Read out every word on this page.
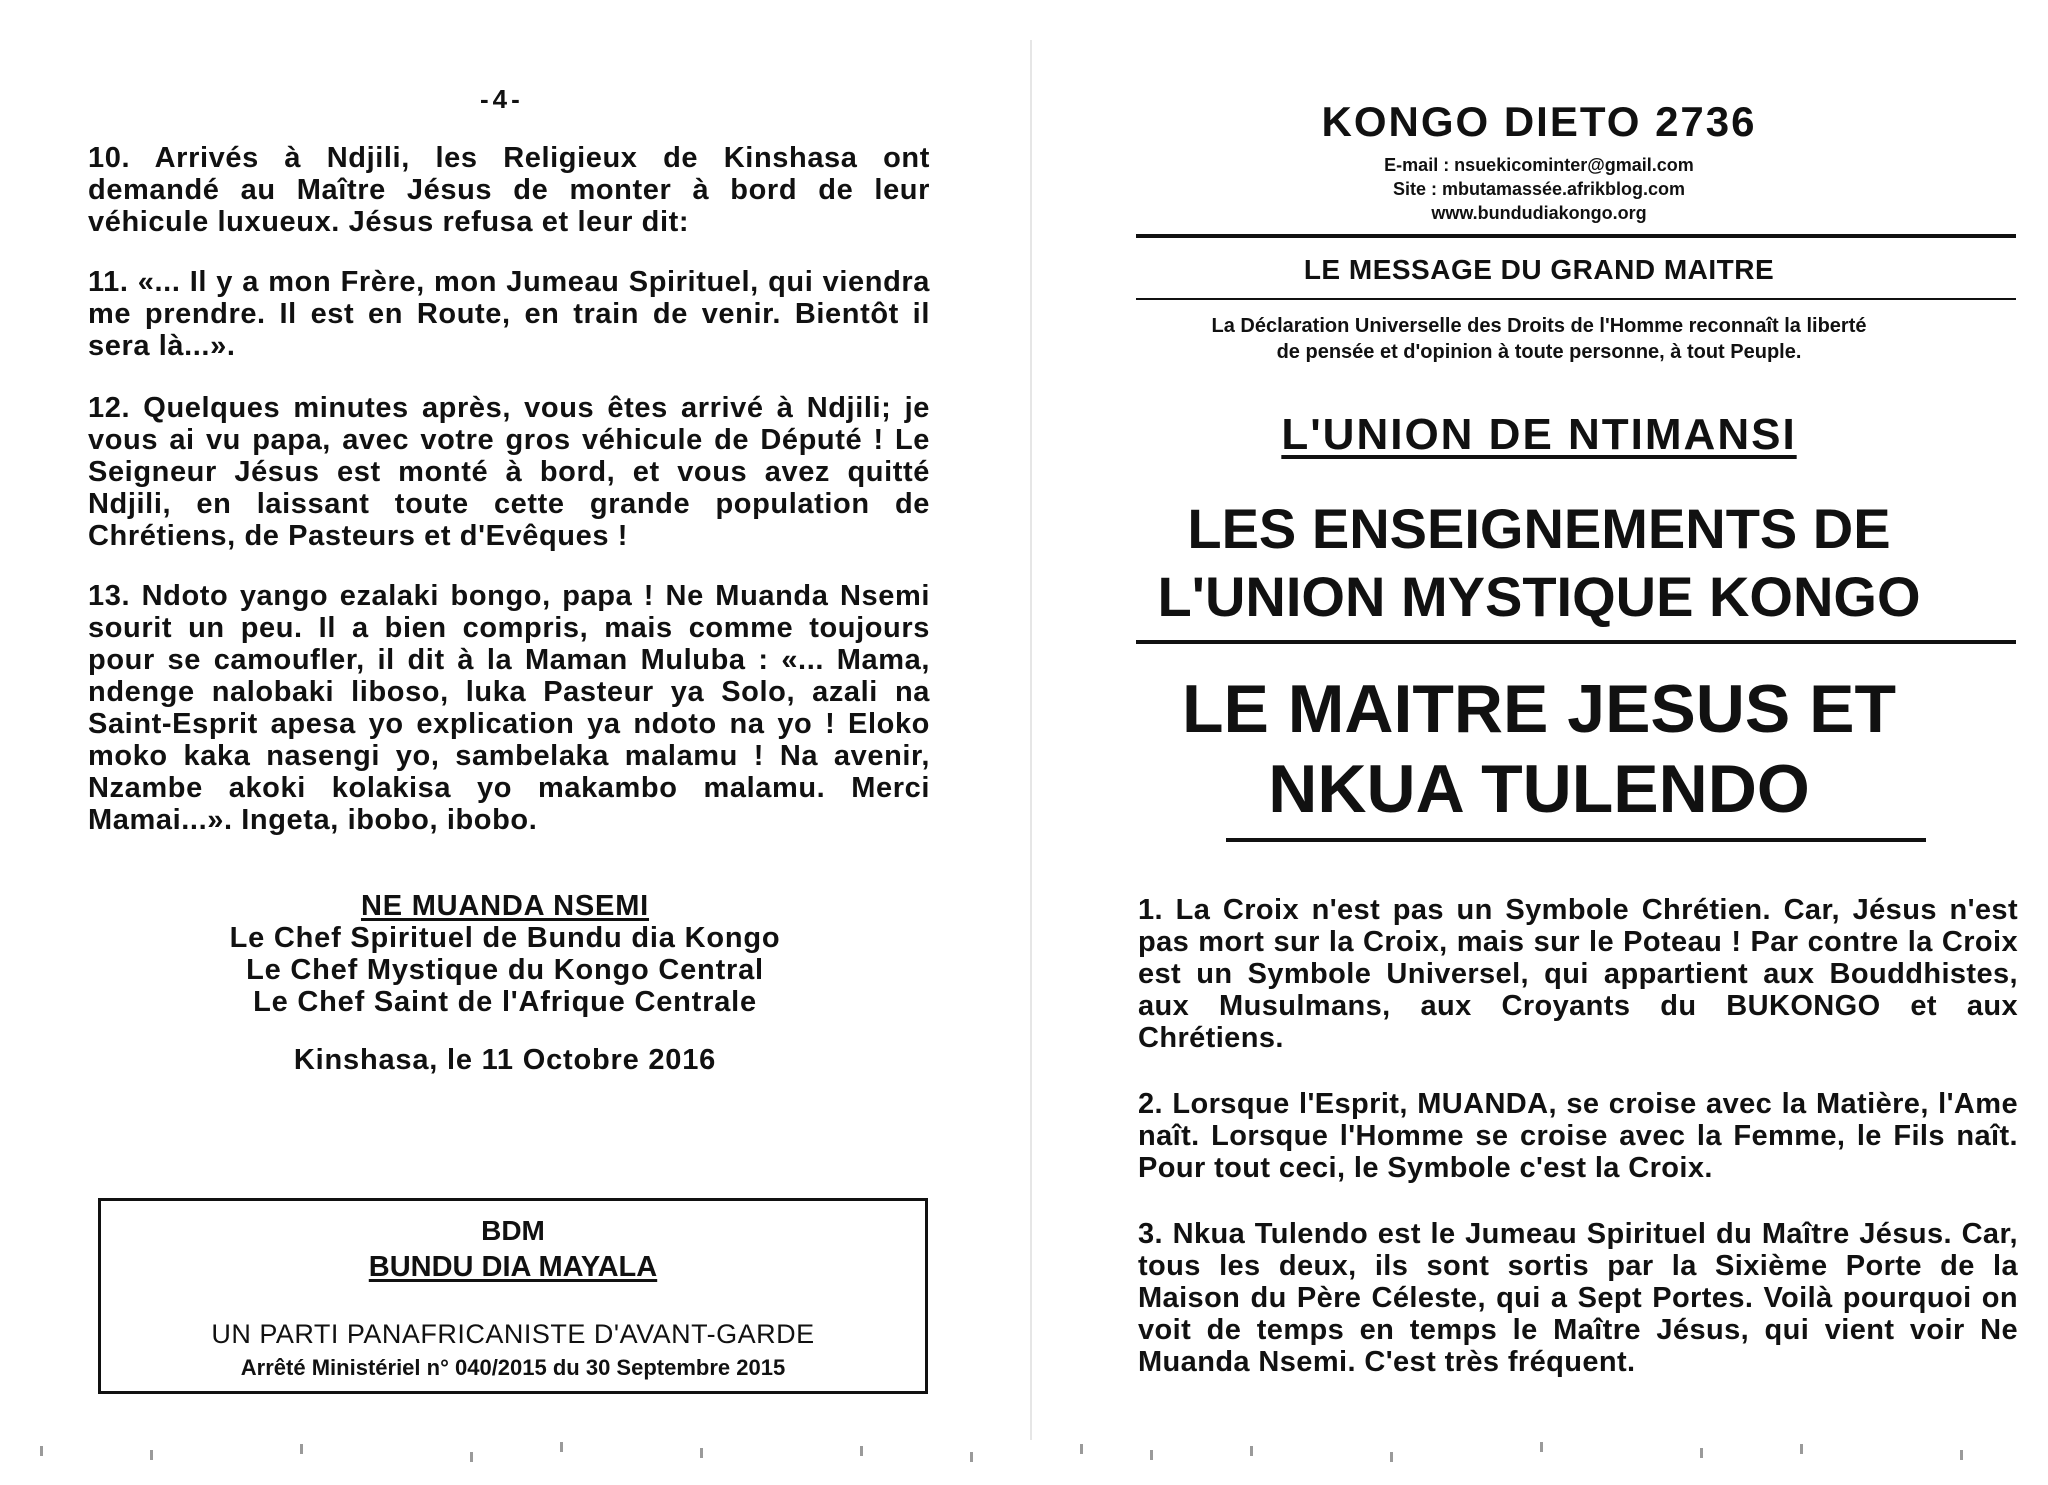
-4-

10. Arrivés à Ndjili, les Religieux de Kinshasa ont demandé au Maître Jésus de monter à bord de leur véhicule luxueux. Jésus refusa et leur dit:

11. «... Il y a mon Frère, mon Jumeau Spirituel, qui viendra me prendre. Il est en Route, en train de venir. Bientôt il sera là...».

12. Quelques minutes après, vous êtes arrivé à Ndjili; je vous ai vu papa, avec votre gros véhicule de Député ! Le Seigneur Jésus est monté à bord, et vous avez quitté Ndjili, en laissant toute cette grande population de Chrétiens, de Pasteurs et d'Evêques !

13. Ndoto yango ezalaki bongo, papa ! Ne Muanda Nsemi sourit un peu. Il a bien compris, mais comme toujours pour se camoufler, il dit à la Maman Muluba : «... Mama, ndenge nalobaki liboso, luka Pasteur ya Solo, azali na Saint-Esprit apesa yo explication ya ndoto na yo ! Eloko moko kaka nasengi yo, sambelaka malamu ! Na avenir, Nzambe akoki kolakisa yo makambo malamu. Merci Mamai...». Ingeta, ibobo, ibobo.

NE MUANDA NSEMI
Le Chef Spirituel de Bundu dia Kongo
Le Chef Mystique du Kongo Central
Le Chef Saint de l'Afrique Centrale
Kinshasa, le 11 Octobre 2016
BDM
BUNDU DIA MAYALA
UN PARTI PANAFRICANISTE D'AVANT-GARDE
Arrêté Ministériel n° 040/2015 du 30 Septembre 2015
KONGO DIETO 2736
E-mail : nsuekicominter@gmail.com
Site : mbutamassée.afrikblog.com
www.bundudiakongo.org
LE MESSAGE DU GRAND MAITRE
La Déclaration Universelle des Droits de l'Homme reconnaît la liberté
de pensée et d'opinion à toute personne, à tout Peuple.
L'UNION DE NTIMANSI
LES ENSEIGNEMENTS DE
L'UNION MYSTIQUE KONGO
LE MAITRE JESUS ET
NKUA TULENDO

1. La Croix n'est pas un Symbole Chrétien. Car, Jésus n'est pas mort sur la Croix, mais sur le Poteau ! Par contre la Croix est un Symbole Universel, qui appartient aux Bouddhistes, aux Musulmans, aux Croyants du BUKONGO et aux Chrétiens.

2. Lorsque l'Esprit, MUANDA, se croise avec la Matière, l'Ame naît. Lorsque l'Homme se croise avec la Femme, le Fils naît. Pour tout ceci, le Symbole c'est la Croix.

3. Nkua Tulendo est le Jumeau Spirituel du Maître Jésus. Car, tous les deux, ils sont sortis par la Sixième Porte de la Maison du Père Céleste, qui a Sept Portes. Voilà pourquoi on voit de temps en temps le Maître Jésus, qui vient voir Ne Muanda Nsemi. C'est très fréquent.
